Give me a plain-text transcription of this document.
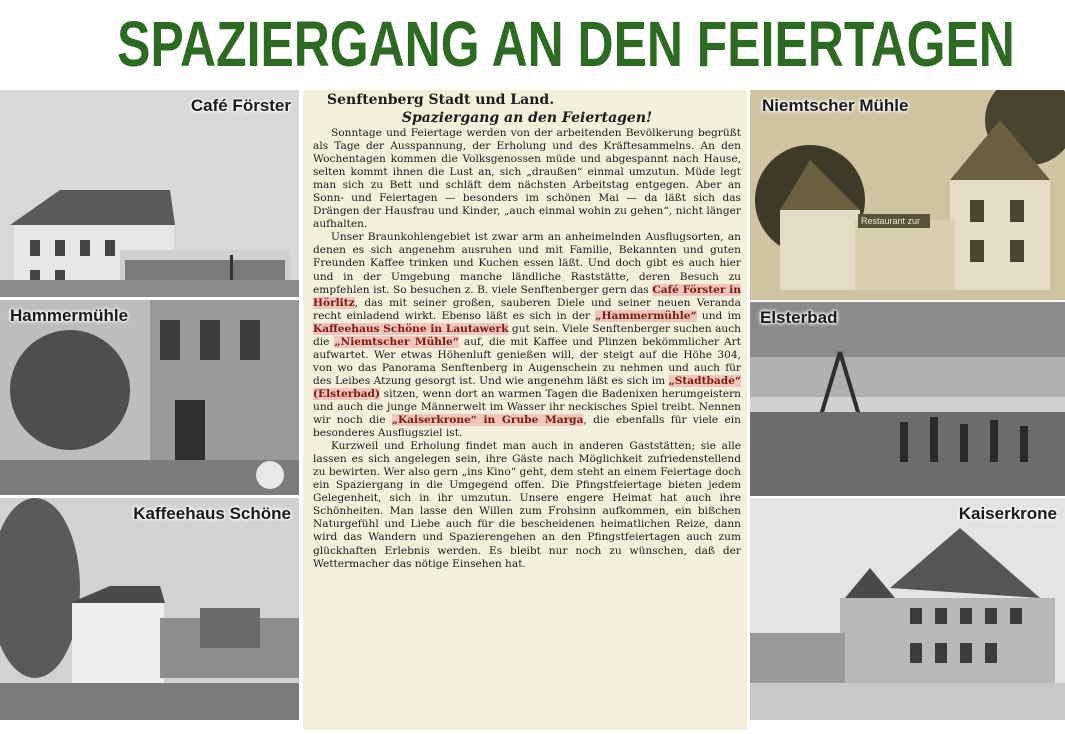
SPAZIERGANG AN DEN FEIERTAGEN
Café Förster
Hammermühle
Kaffeehaus Schöne
Senftenberg Stadt und Land.
Spaziergang an den Feiertagen!

Sonntage und Feiertage werden von der arbeitenden Bevölkerung begrüßt als Tage der Ausspannung, der Erholung und des Kräftesammelns. An den Wochentagen kommen die Volksgenossen müde und abgespannt nach Hause, selten kommt ihnen die Lust an, sich „draußen“ einmal umzutun. Müde legt man sich zu Bett und schläft dem nächsten Arbeitstag entgegen. Aber an Sonn- und Feiertagen — besonders im schönen Mai — da läßt sich das Drängen der Hausfrau und Kinder, „auch einmal wohin zu gehen“, nicht länger aufhalten.

Unser Braunkohlengebiet ist zwar arm an anheimelnden Ausflugsorten, an denen es sich angenehm ausruhen und mit Familie, Bekannten und guten Freunden Kaffee trinken und Kuchen essen läßt. Und doch gibt es auch hier und in der Umgebung manche ländliche Raststätte, deren Besuch zu empfehlen ist. So besuchen z. B. viele Senftenberger gern das Café Förster in Hörlitz, das mit seiner großen, sauberen Diele und seiner neuen Veranda recht einladend wirkt. Ebenso läßt es sich in der „Hammermühle“ und im Kaffeehaus Schöne in Lautawerk gut sein. Viele Senftenberger suchen auch die „Niemtscher Mühle“ auf, die mit Kaffee und Plinzen bekömmlicher Art aufwartet. Wer etwas Höhenluft genießen will, der steigt auf die Höhe 304, von wo das Panorama Senftenberg in Augenschein zu nehmen und auch für des Leibes Atzung gesorgt ist. Und wie angenehm läßt es sich im „Stadtbade“ (Elsterbad) sitzen, wenn dort an warmen Tagen die Badenixen herumgeistern und auch die junge Männerwelt im Wasser ihr neckisches Spiel treibt. Nennen wir noch die „Kaiserkrone“ in Grube Marga, die ebenfalls für viele ein besonderes Ausflugsziel ist.

Kurzweil und Erholung findet man auch in anderen Gaststätten; sie alle lassen es sich angelegen sein, ihre Gäste nach Möglichkeit zufriedenstellend zu bewirten. Wer also gern „ins Kino“ geht, dem steht an einem Feiertage doch ein Spaziergang in die Umgegend offen. Die Pfingstfeiertage bieten jedem Gelegenheit, sich in ihr umzutun. Unsere engere Heimat hat auch ihre Schönheiten. Man lasse den Willen zum Frohsinn aufkommen, ein bißchen Naturgefühl und Liebe auch für die bescheidenen heimatlichen Reize, dann wird das Wandern und Spazierengehen an den Pfingstfeiertagen auch zum glückhaften Erlebnis werden. Es bleibt nur noch zu wünschen, daß der Wettermacher das nötige Einsehen hat.

Restaurant zur
Niemtscher Mühle
Elsterbad
Kaiserkrone
